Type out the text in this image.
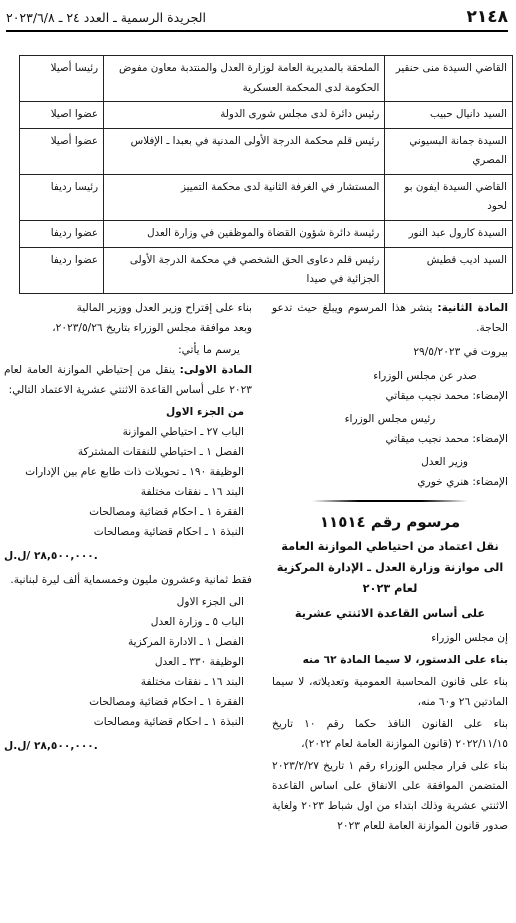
٢١٤٨
الجريدة الرسمية ـ العدد ٢٤ ـ ٢٠٢٣/٦/٨
القاضي السيدة منى حنقير	الملحقة بالمديرية العامة لوزارة العدل والمنتدبة معاون مفوض الحكومة لدى المحكمة العسكرية	رئيسا أصيلا
السيد دانيال حبيب	رئيس دائرة لدى مجلس شورى الدولة	عضوا اصيلا
السيدة جمانة البسيوني المصري	رئيس قلم محكمة الدرجة الأولى المدنية في بعبدا ـ الإفلاس	عضوا أصيلا
القاضي السيدة ايفون بو لحود	المستشار في الغرفة الثانية لدى محكمة التمييز	رئيسا رديفا
السيدة كارول عبد النور	رئيسة دائرة شؤون القضاة والموظفين في وزارة العدل	عضوا رديفا
السيد اديب قطيش	رئيس قلم دعاوى الحق الشخصي في محكمة الدرجة الأولى الجزائية في صيدا	عضوا رديفا

المادة الثانية: ينشر هذا المرسوم ويبلغ حيث تدعو الحاجة.

بيروت في ٢٩/٥/٢٠٢٣

صدر عن مجلس الوزراء

الإمضاء: محمد نجيب ميقاتي

رئيس مجلس الوزراء

الإمضاء: محمد نجيب ميقاتي

وزير العدل

الإمضاء: هنري خوري

مرسوم رقم ١١٥١٤

نقل اعتماد من احتياطي الموازنة العامة

الى موازنة وزارة العدل ـ الإدارة المركزية

لعام ٢٠٢٣

على أساس القاعدة الاثنتي عشرية

إن مجلس الوزراء

بناء على الدستور، لا سيما المادة ٦٢ منه

بناء على قانون المحاسبة العمومية وتعديلاته، لا سيما المادتين ٢٦ و٦٠ منه،

بناء على القانون النافذ حكما رقم ١٠ تاريخ ٢٠٢٢/١١/١٥ (قانون الموازنة العامة لعام ٢٠٢٢)،

بناء على قرار مجلس الوزراء رقم ١ تاريخ ٢٠٢٣/٢/٢٧ المتضمن الموافقة على الانفاق على اساس القاعدة الاثنتي عشرية وذلك ابتداء من اول شباط ٢٠٢٣ ولغاية صدور قانون الموازنة العامة للعام ٢٠٢٣

بناء على إقتراح وزير العدل ووزير المالية

وبعد موافقة مجلس الوزراء بتاريخ ٢٠٢٣/٥/٢٦،

يرسم ما يأتي:

المادة الاولى: ينقل من إحتياطي الموازنة العامة لعام ٢٠٢٣ على أساس القاعدة الاثنتي عشرية الاعتماد التالي:

من الجزء الاول

الباب ٢٧ ـ احتياطي الموازنة

الفصل ١ ـ احتياطي للنفقات المشتركة

الوظيفة ١٩٠ ـ تحويلات ذات طابع عام بين الإدارات

البند ١٦ ـ نفقات مختلفة

الفقرة ١ ـ احكام قضائية ومصالحات

النبذة ١ ـ احكام قضائية ومصالحات

٢٨,٥٠٠,٠٠٠ /ل.ل.

فقط ثمانية وعشرون مليون وخمسماية ألف ليرة لبنانية.

الى الجزء الاول

الباب ٥ ـ وزارة العدل

الفصل ١ ـ الادارة المركزية

الوظيفة ٣٣٠ ـ العدل

البند ١٦ ـ نفقات مختلفة

الفقرة ١ ـ احكام قضائية ومصالحات

النبذة ١ ـ احكام قضائية ومصالحات

٢٨,٥٠٠,٠٠٠ /ل.ل.
